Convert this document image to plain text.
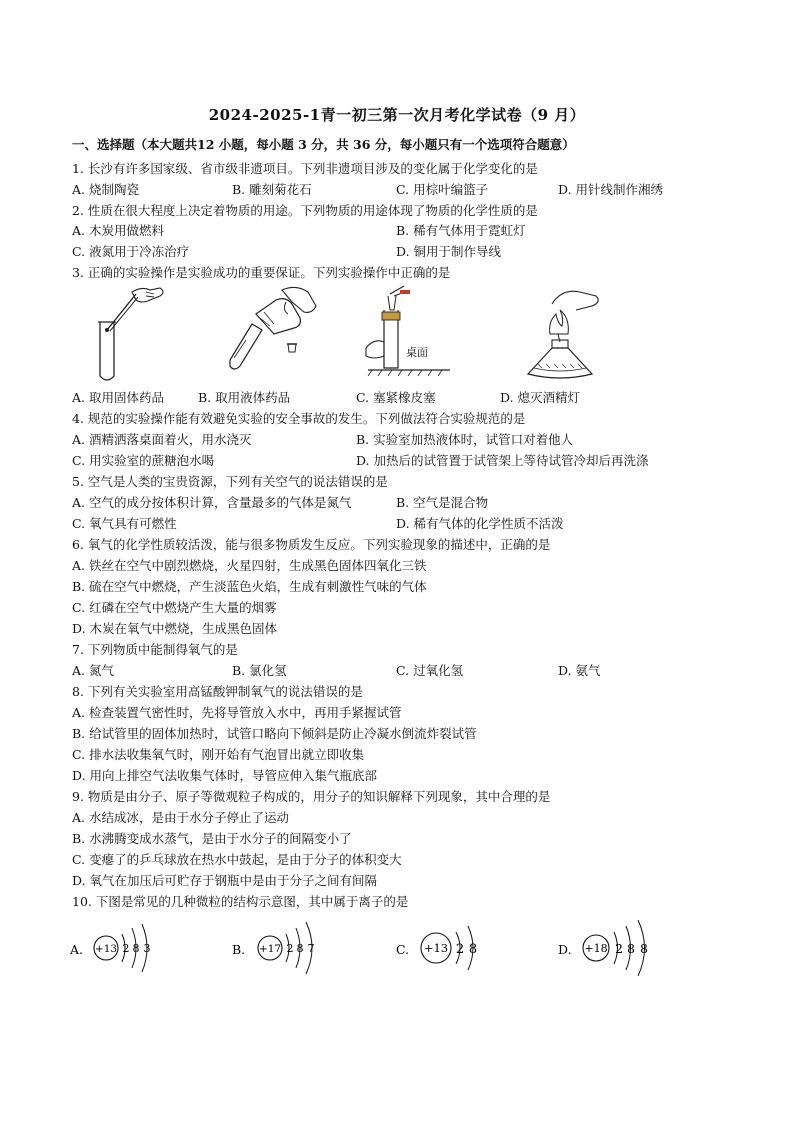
2024-2025-1青一初三第一次月考化学试卷（9 月）
一、选择题（本大题共12 小题，每小题 3 分，共 36 分，每小题只有一个选项符合题意）
1. 长沙有许多国家级、省市级非遗项目。下列非遗项目涉及的变化属于化学变化的是
A. 烧制陶瓷	B. 雕刻菊花石	C. 用棕叶编篮子	D. 用针线制作湘绣
2. 性质在很大程度上决定着物质的用途。下列物质的用途体现了物质的化学性质的是
A. 木炭用做燃料	B. 稀有气体用于霓虹灯
C. 液氮用于冷冻治疗	D. 铜用于制作导线
3. 正确的实验操作是实验成功的重要保证。下列实验操作中正确的是
桌面
A. 取用固体药品	B. 取用液体药品	C. 塞紧橡皮塞	D. 熄灭酒精灯
4. 规范的实验操作能有效避免实验的安全事故的发生。下列做法符合实验规范的是
A. 酒精洒落桌面着火，用水浇灭	B. 实验室加热液体时，试管口对着他人
C. 用实验室的蔗糖泡水喝	D. 加热后的试管置于试管架上等待试管冷却后再洗涤
5. 空气是人类的宝贵资源，下列有关空气的说法错误的是
A. 空气的成分按体积计算，含量最多的气体是氮气	B. 空气是混合物
C. 氧气具有可燃性	D. 稀有气体的化学性质不活泼
6. 氧气的化学性质较活泼，能与很多物质发生反应。下列实验现象的描述中，正确的是
A. 铁丝在空气中剧烈燃烧，火星四射，生成黑色固体四氧化三铁
B. 硫在空气中燃烧，产生淡蓝色火焰，生成有刺激性气味的气体
C. 红磷在空气中燃烧产生大量的烟雾
D. 木炭在氧气中燃烧，生成黑色固体
7. 下列物质中能制得氧气的是
A. 氮气	B. 氯化氢	C. 过氧化氢	D. 氨气
8. 下列有关实验室用高锰酸钾制氧气的说法错误的是
A. 检查装置气密性时，先将导管放入水中，再用手紧握试管
B. 给试管里的固体加热时，试管口略向下倾斜是防止冷凝水倒流炸裂试管
C. 排水法收集氧气时，刚开始有气泡冒出就立即收集
D. 用向上排空气法收集气体时，导管应伸入集气瓶底部
9. 物质是由分子、原子等微观粒子构成的，用分子的知识解释下列现象，其中合理的是
A. 水结成冰，是由于水分子停止了运动
B. 水沸腾变成水蒸气，是由于水分子的间隔变小了
C. 变瘪了的乒乓球放在热水中鼓起，是由于分子的体积变大
D. 氧气在加压后可贮存于钢瓶中是由于分子之间有间隔
10. 下图是常见的几种微粒的结构示意图，其中属于离子的是
A. +13 2 8 3	B. +17 2 8 7	C. +13 2 8	D. +18 2 8 8
